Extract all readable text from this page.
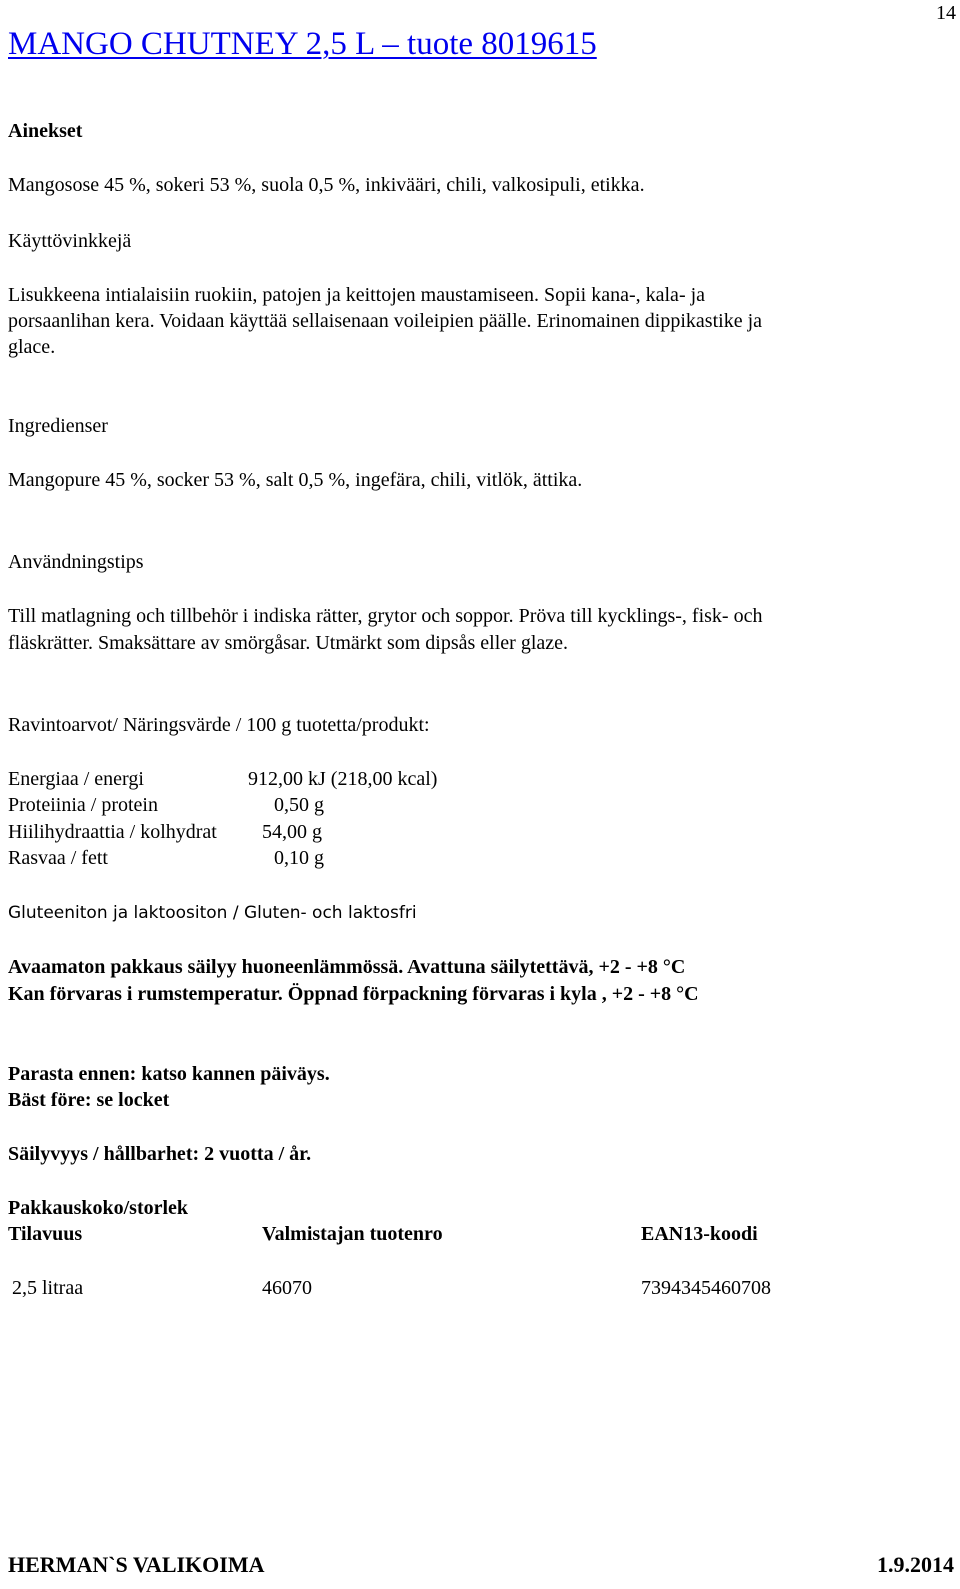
14
MANGO CHUTNEY 2,5 L – tuote 8019615
Ainekset
Mangosose 45 %, sokeri 53 %, suola 0,5 %, inkivääri, chili, valkosipuli, etikka.
Käyttövinkkejä
Lisukkeena intialaisiin ruokiin, patojen ja keittojen maustamiseen. Sopii kana-, kala- ja
porsaanlihan kera. Voidaan käyttää sellaisenaan voileipien päälle. Erinomainen dippikastike ja
glace.
Ingredienser
Mangopure 45 %, socker 53 %, salt 0,5 %, ingefära, chili, vitlök, ättika.
Användningstips
Till matlagning och tillbehör i indiska rätter, grytor och soppor. Pröva till kycklings-, fisk- och
fläskrätter. Smaksättare av smörgåsar. Utmärkt som dipsås eller glaze.
Ravintoarvot/ Näringsvärde / 100 g tuotetta/produkt:
Energiaa / energi	912,00 kJ (218,00 kcal)
Proteiinia / protein	0,50 g
Hiilihydraattia / kolhydrat 54,00 g
Rasvaa / fett	0,10 g
Gluteeniton ja laktoositon / Gluten- och laktosfri
Avaamaton pakkaus säilyy huoneenlämmössä. Avattuna säilytettävä, +2 - +8 °C
Kan förvaras i rumstemperatur. Öppnad förpackning förvaras i kyla , +2 - +8 °C
Parasta ennen: katso kannen päiväys.
Bäst före: se locket
Säilyvyys / hållbarhet: 2 vuotta / år.
Pakkauskoko/storlek
Tilavuus	Valmistajan tuotenro	EAN13-koodi
2,5 litraa	46070	7394345460708
HERMAN`S VALIKOIMA	1.9.2014
